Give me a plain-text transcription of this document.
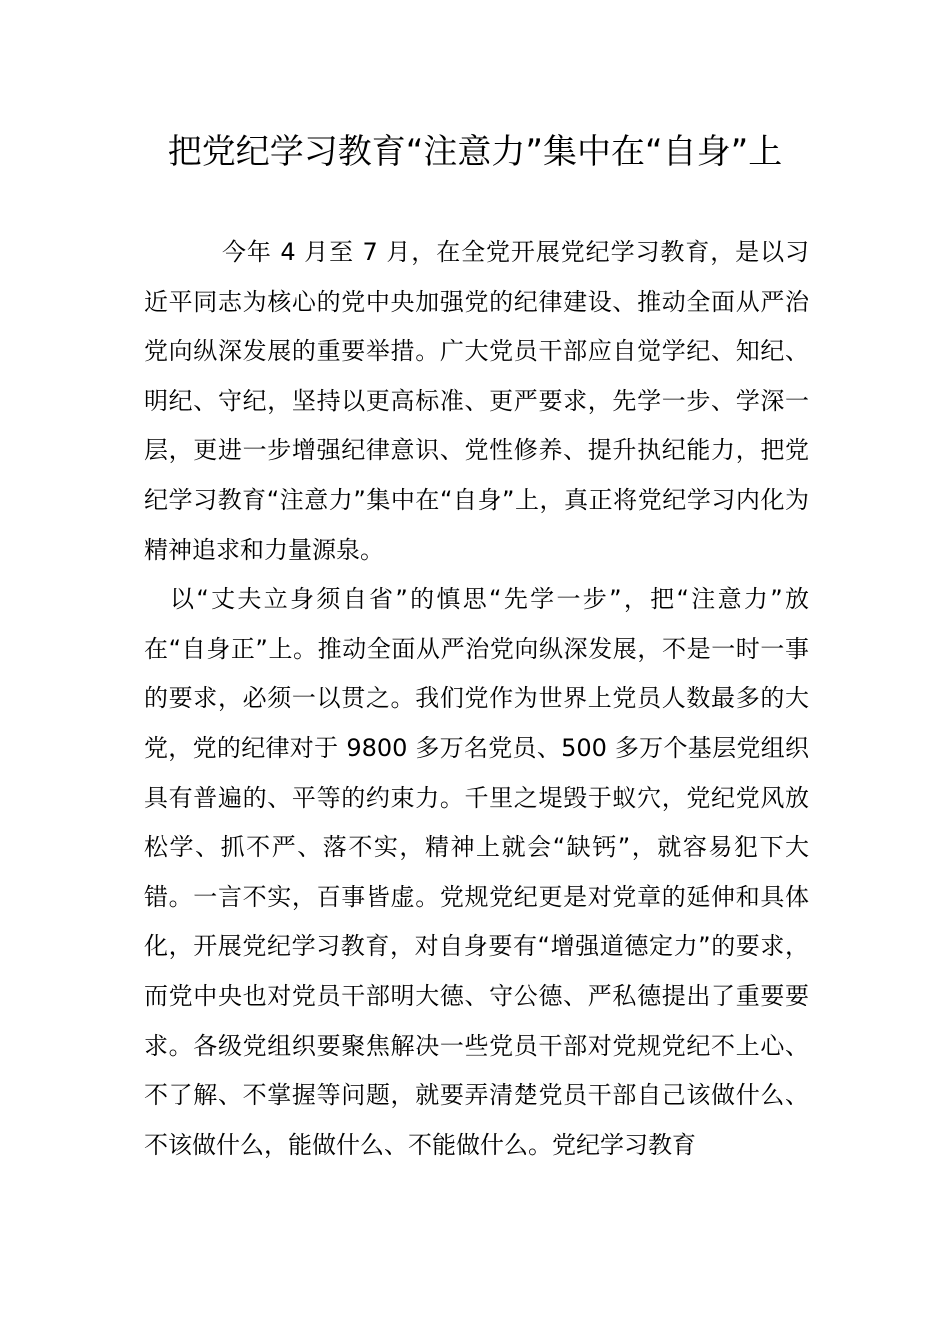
把党纪学习教育“注意力”集中在“自身”上

今年 4 月至 7 月，在全党开展党纪学习教育，是以习近平同志为核心的党中央加强党的纪律建设、推动全面从严治党向纵深发展的重要举措。广大党员干部应自觉学纪、知纪、明纪、守纪，坚持以更高标准、更严要求，先学一步、学深一层，更进一步增强纪律意识、党性修养、提升执纪能力，把党纪学习教育“注意力”集中在“自身”上，真正将党纪学习内化为精神追求和力量源泉。

以“丈夫立身须自省”的慎思“先学一步”，把“注意力”放在“自身正”上。推动全面从严治党向纵深发展，不是一时一事的要求，必须一以贯之。我们党作为世界上党员人数最多的大党，党的纪律对于 9800 多万名党员、500 多万个基层党组织具有普遍的、平等的约束力。千里之堤毁于蚁穴，党纪党风放松学、抓不严、落不实，精神上就会“缺钙”，就容易犯下大错。一言不实，百事皆虚。党规党纪更是对党章的延伸和具体化，开展党纪学习教育，对自身要有“增强道德定力”的要求，而党中央也对党员干部明大德、守公德、严私德提出了重要要求。各级党组织要聚焦解决一些党员干部对党规党纪不上心、不了解、不掌握等问题，就要弄清楚党员干部自己该做什么、不该做什么，能做什么、不能做什么。党纪学习教育
